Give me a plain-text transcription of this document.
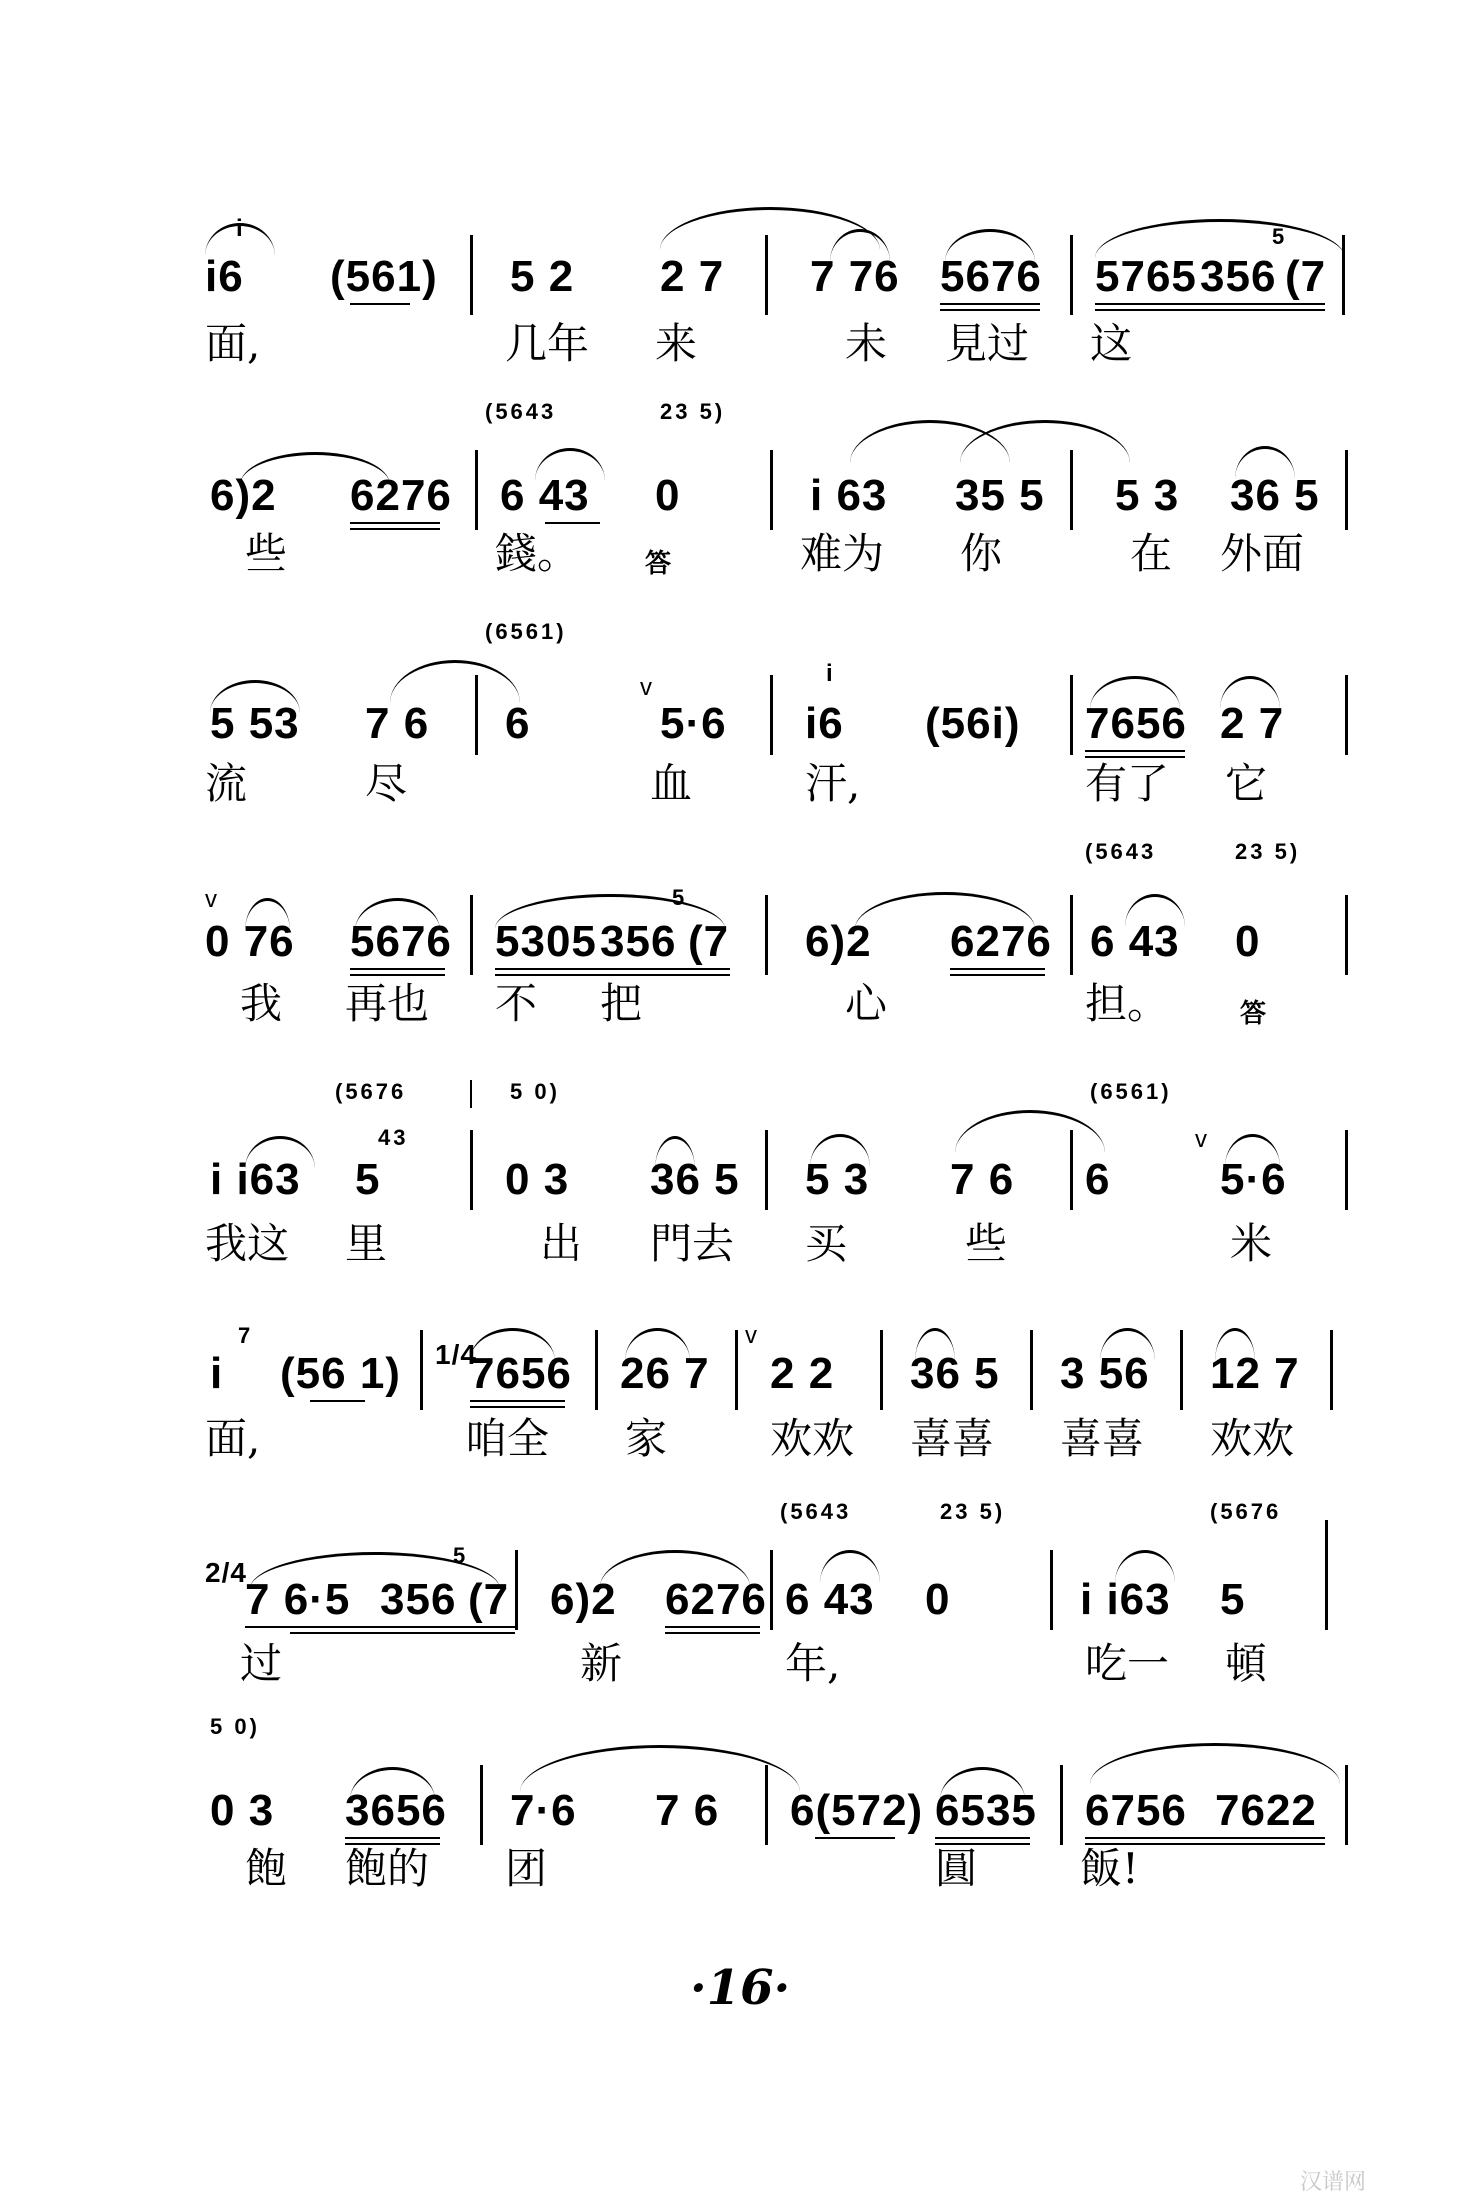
i
i6 (561) 5 2 2 7 7 76 5676 5765 356
5
(7
面,	几年 来	未 見过 这
(5643	23 5)
6)2 6276 6 43 0	i 63 35 5 5 3 36 5
些	錢。	答	难为 你	在 外面
(6561)
5 53 7 6 6
v
5·6
i
i6 (56i) 7656 2 7
流	尽	血	汗,	有了 它
(5643	23 5)
v
0 76 5676 5305 356
5
(7 6)2 6276 6 43 0
我 再也 不 把	心	担。	答
(5676	5 0)	(6561)
i i63
43
5	0 3 36 5 5 3 7 6 6
v
5·6
我这 里	出 門去 买	些	米
7
i (56 1) 1/4
7656 26 7
v
2 2 36 5 3 56 12 7
面,	咱全 家 欢欢 喜喜 喜喜 欢欢
(5643	23 5)	(5676
2/4
7 6·5 356
5
(7 6)2 6276 6 43 0	i i63 5
过	新	年,	吃一 頓
5 0)
0 3 3656 7·6 7 6 6(572) 6535 6756 7622
飽 飽的 团	圓 飯!
·16·
汉谱网
